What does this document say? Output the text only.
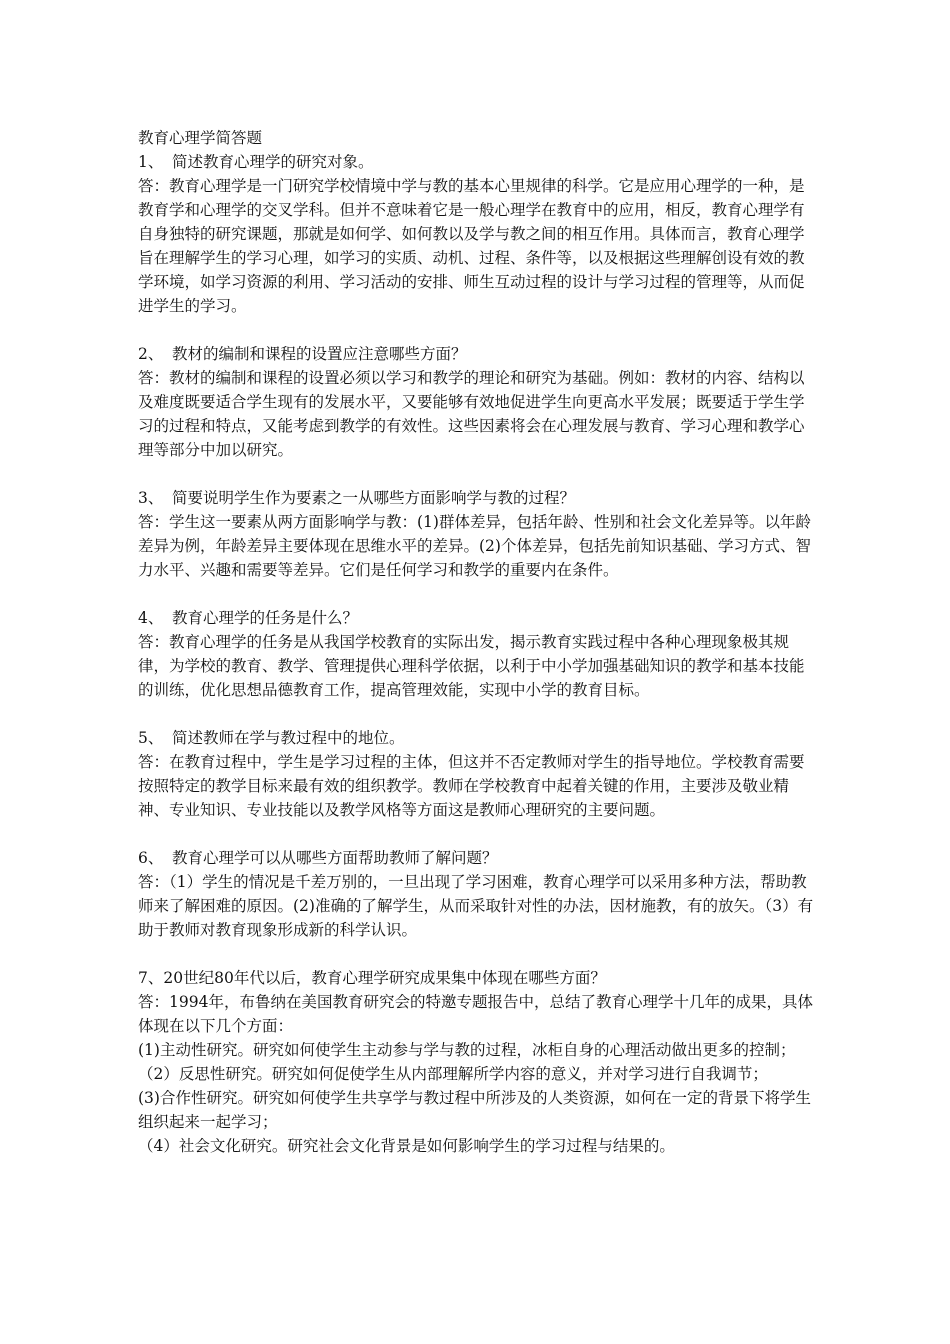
教育心理学简答题

1、 简述教育心理学的研究对象。

答：教育心理学是一门研究学校情境中学与教的基本心里规律的科学。它是应用心理学的一种，是教育学和心理学的交叉学科。但并不意味着它是一般心理学在教育中的应用，相反，教育心理学有自身独特的研究课题，那就是如何学、如何教以及学与教之间的相互作用。具体而言，教育心理学旨在理解学生的学习心理，如学习的实质、动机、过程、条件等，以及根据这些理解创设有效的教学环境，如学习资源的利用、学习活动的安排、师生互动过程的设计与学习过程的管理等，从而促进学生的学习。

2、 教材的编制和课程的设置应注意哪些方面？

答：教材的编制和课程的设置必须以学习和教学的理论和研究为基础。例如：教材的内容、结构以及难度既要适合学生现有的发展水平，又要能够有效地促进学生向更高水平发展；既要适于学生学习的过程和特点，又能考虑到教学的有效性。这些因素将会在心理发展与教育、学习心理和教学心理等部分中加以研究。

3、 简要说明学生作为要素之一从哪些方面影响学与教的过程？

答：学生这一要素从两方面影响学与教：(1)群体差异，包括年龄、性别和社会文化差异等。以年龄差异为例，年龄差异主要体现在思维水平的差异。(2)个体差异，包括先前知识基础、学习方式、智力水平、兴趣和需要等差异。它们是任何学习和教学的重要内在条件。

4、 教育心理学的任务是什么？

答：教育心理学的任务是从我国学校教育的实际出发，揭示教育实践过程中各种心理现象极其规律，为学校的教育、教学、管理提供心理科学依据，以利于中小学加强基础知识的教学和基本技能的训练，优化思想品德教育工作，提高管理效能，实现中小学的教育目标。

5、 简述教师在学与教过程中的地位。

答：在教育过程中，学生是学习过程的主体，但这并不否定教师对学生的指导地位。学校教育需要按照特定的教学目标来最有效的组织教学。教师在学校教育中起着关键的作用，主要涉及敬业精神、专业知识、专业技能以及教学风格等方面这是教师心理研究的主要问题。

6、 教育心理学可以从哪些方面帮助教师了解问题？

答：（1）学生的情况是千差万别的，一旦出现了学习困难，教育心理学可以采用多种方法，帮助教师来了解困难的原因。(2)准确的了解学生，从而采取针对性的办法，因材施教，有的放矢。（3）有助于教师对教育现象形成新的科学认识。

7、20世纪80年代以后，教育心理学研究成果集中体现在哪些方面？

答：1994年，布鲁纳在美国教育研究会的特邀专题报告中，总结了教育心理学十几年的成果，具体体现在以下几个方面：

(1)主动性研究。研究如何使学生主动参与学与教的过程，冰柜自身的心理活动做出更多的控制；

（2）反思性研究。研究如何促使学生从内部理解所学内容的意义，并对学习进行自我调节；

(3)合作性研究。研究如何使学生共享学与教过程中所涉及的人类资源，如何在一定的背景下将学生组织起来一起学习；

（4）社会文化研究。研究社会文化背景是如何影响学生的学习过程与结果的。
